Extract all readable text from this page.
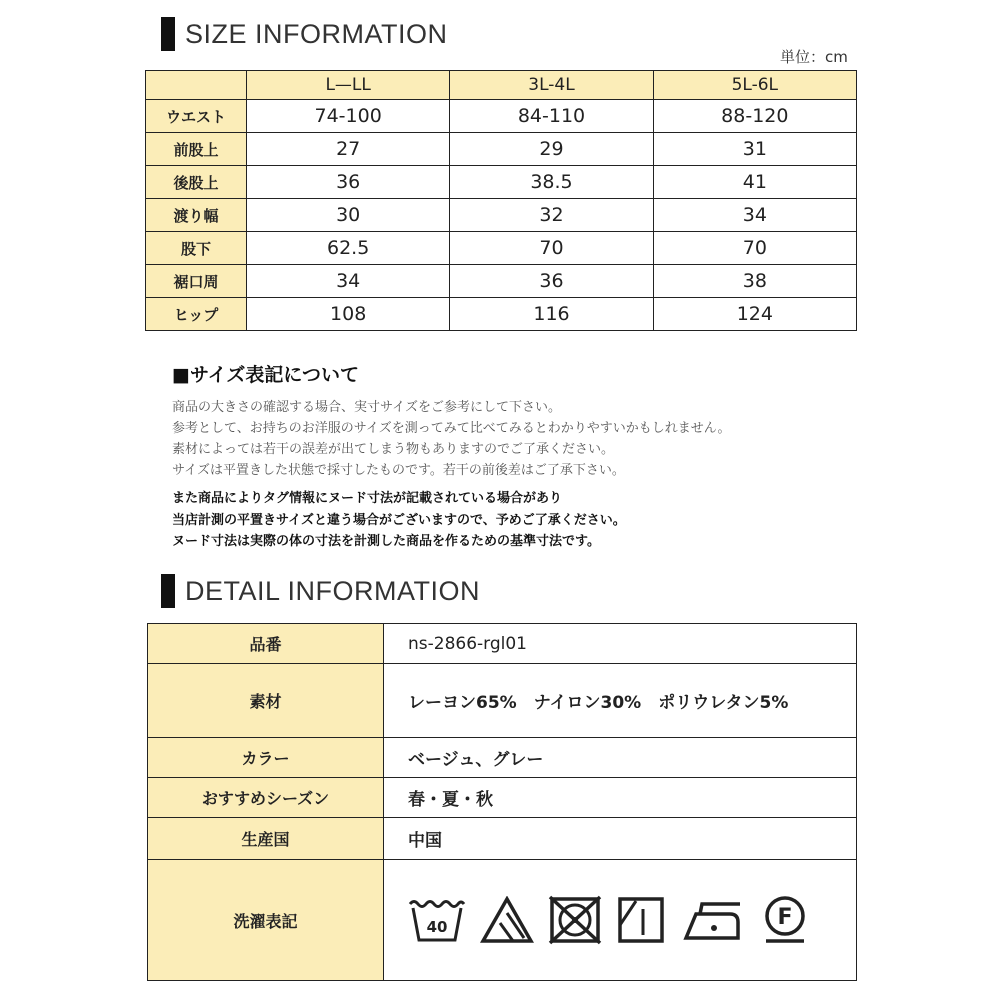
SIZE INFORMATION
単位：cm
	L—LL	3L-4L	5L-6L
ウエスト	74-100	84-110	88-120
前股上	27	29	31
後股上	36	38.5	41
渡り幅	30	32	34
股下	62.5	70	70
裾口周	34	36	38
ヒップ	108	116	124
■サイズ表記について
商品の大きさの確認する場合、実寸サイズをご参考にして下さい。
参考として、お持ちのお洋服のサイズを測ってみて比べてみるとわかりやすいかもしれません。
素材によっては若干の誤差が出てしまう物もありますのでご了承ください。
サイズは平置きした状態で採寸したものです。若干の前後差はご了承下さい。
また商品によりタグ情報にヌード寸法が記載されている場合があり
当店計測の平置きサイズと違う場合がございますので、予めご了承ください。
ヌード寸法は実際の体の寸法を計測した商品を作るための基準寸法です。
DETAIL INFORMATION
品番	ns-2866-rgl01
素材	レーヨン65%　ナイロン30%　ポリウレタン5%
カラー	ベージュ、グレー
おすすめシーズン	春・夏・秋
生産国	中国
洗濯表記	40 F
